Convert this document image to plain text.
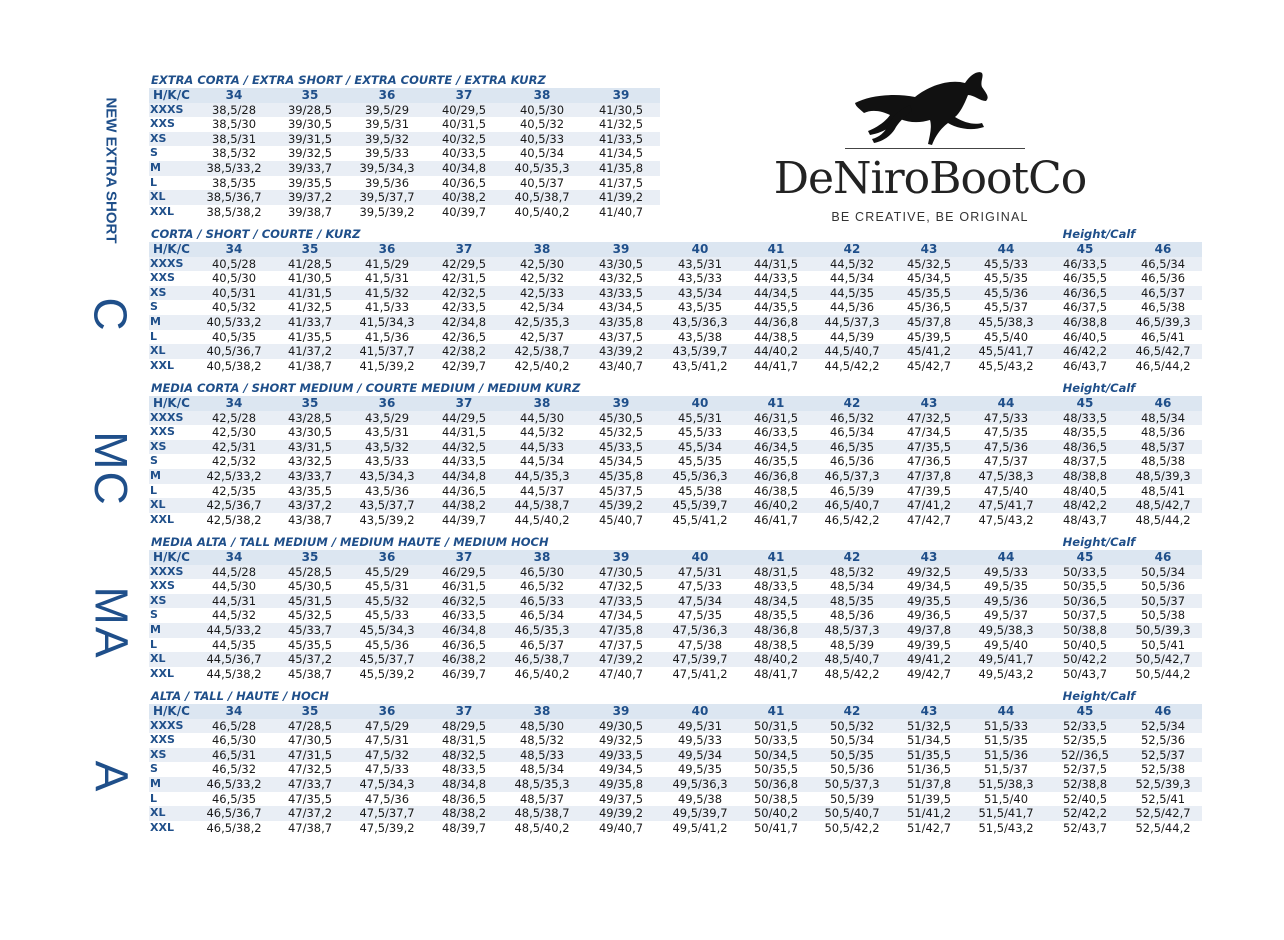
DeNiroBootCo
BE CREATIVE, BE ORIGINAL
NEW EXTRA SHORT
EXTRA CORTA / EXTRA SHORT / EXTRA COURTE / EXTRA KURZ
H/K/C	34	35	36	37	38	39
XXXS	38,5/28	39/28,5	39,5/29	40/29,5	40,5/30	41/30,5
XXS	38,5/30	39/30,5	39,5/31	40/31,5	40,5/32	41/32,5
XS	38,5/31	39/31,5	39,5/32	40/32,5	40,5/33	41/33,5
S	38,5/32	39/32,5	39,5/33	40/33,5	40,5/34	41/34,5
M	38,5/33,2	39/33,7	39,5/34,3	40/34,8	40,5/35,3	41/35,8
L	38,5/35	39/35,5	39,5/36	40/36,5	40,5/37	41/37,5
XL	38,5/36,7	39/37,2	39,5/37,7	40/38,2	40,5/38,7	41/39,2
XXL	38,5/38,2	39/38,7	39,5/39,2	40/39,7	40,5/40,2	41/40,7
C
CORTA / SHORT / COURTE / KURZ	Height/Calf
H/K/C	34	35	36	37	38	39	40	41	42	43	44	45	46
XXXS	40,5/28	41/28,5	41,5/29	42/29,5	42,5/30	43/30,5	43,5/31	44/31,5	44,5/32	45/32,5	45,5/33	46/33,5	46,5/34
XXS	40,5/30	41/30,5	41,5/31	42/31,5	42,5/32	43/32,5	43,5/33	44/33,5	44,5/34	45/34,5	45,5/35	46/35,5	46,5/36
XS	40,5/31	41/31,5	41,5/32	42/32,5	42,5/33	43/33,5	43,5/34	44/34,5	44,5/35	45/35,5	45,5/36	46/36,5	46,5/37
S	40,5/32	41/32,5	41,5/33	42/33,5	42,5/34	43/34,5	43,5/35	44/35,5	44,5/36	45/36,5	45,5/37	46/37,5	46,5/38
M	40,5/33,2	41/33,7	41,5/34,3	42/34,8	42,5/35,3	43/35,8	43,5/36,3	44/36,8	44,5/37,3	45/37,8	45,5/38,3	46/38,8	46,5/39,3
L	40,5/35	41/35,5	41,5/36	42/36,5	42,5/37	43/37,5	43,5/38	44/38,5	44,5/39	45/39,5	45,5/40	46/40,5	46,5/41
XL	40,5/36,7	41/37,2	41,5/37,7	42/38,2	42,5/38,7	43/39,2	43,5/39,7	44/40,2	44,5/40,7	45/41,2	45,5/41,7	46/42,2	46,5/42,7
XXL	40,5/38,2	41/38,7	41,5/39,2	42/39,7	42,5/40,2	43/40,7	43,5/41,2	44/41,7	44,5/42,2	45/42,7	45,5/43,2	46/43,7	46,5/44,2
MC
MEDIA CORTA / SHORT MEDIUM / COURTE MEDIUM / MEDIUM KURZ	Height/Calf
H/K/C	34	35	36	37	38	39	40	41	42	43	44	45	46
XXXS	42,5/28	43/28,5	43,5/29	44/29,5	44,5/30	45/30,5	45,5/31	46/31,5	46,5/32	47/32,5	47,5/33	48/33,5	48,5/34
XXS	42,5/30	43/30,5	43,5/31	44/31,5	44,5/32	45/32,5	45,5/33	46/33,5	46,5/34	47/34,5	47,5/35	48/35,5	48,5/36
XS	42,5/31	43/31,5	43,5/32	44/32,5	44,5/33	45/33,5	45,5/34	46/34,5	46,5/35	47/35,5	47,5/36	48/36,5	48,5/37
S	42,5/32	43/32,5	43,5/33	44/33,5	44,5/34	45/34,5	45,5/35	46/35,5	46,5/36	47/36,5	47,5/37	48/37,5	48,5/38
M	42,5/33,2	43/33,7	43,5/34,3	44/34,8	44,5/35,3	45/35,8	45,5/36,3	46/36,8	46,5/37,3	47/37,8	47,5/38,3	48/38,8	48,5/39,3
L	42,5/35	43/35,5	43,5/36	44/36,5	44,5/37	45/37,5	45,5/38	46/38,5	46,5/39	47/39,5	47,5/40	48/40,5	48,5/41
XL	42,5/36,7	43/37,2	43,5/37,7	44/38,2	44,5/38,7	45/39,2	45,5/39,7	46/40,2	46,5/40,7	47/41,2	47,5/41,7	48/42,2	48,5/42,7
XXL	42,5/38,2	43/38,7	43,5/39,2	44/39,7	44,5/40,2	45/40,7	45,5/41,2	46/41,7	46,5/42,2	47/42,7	47,5/43,2	48/43,7	48,5/44,2
MA
MEDIA ALTA / TALL MEDIUM / MEDIUM HAUTE / MEDIUM HOCH	Height/Calf
H/K/C	34	35	36	37	38	39	40	41	42	43	44	45	46
XXXS	44,5/28	45/28,5	45,5/29	46/29,5	46,5/30	47/30,5	47,5/31	48/31,5	48,5/32	49/32,5	49,5/33	50/33,5	50,5/34
XXS	44,5/30	45/30,5	45,5/31	46/31,5	46,5/32	47/32,5	47,5/33	48/33,5	48,5/34	49/34,5	49,5/35	50/35,5	50,5/36
XS	44,5/31	45/31,5	45,5/32	46/32,5	46,5/33	47/33,5	47,5/34	48/34,5	48,5/35	49/35,5	49,5/36	50/36,5	50,5/37
S	44,5/32	45/32,5	45,5/33	46/33,5	46,5/34	47/34,5	47,5/35	48/35,5	48,5/36	49/36,5	49,5/37	50/37,5	50,5/38
M	44,5/33,2	45/33,7	45,5/34,3	46/34,8	46,5/35,3	47/35,8	47,5/36,3	48/36,8	48,5/37,3	49/37,8	49,5/38,3	50/38,8	50,5/39,3
L	44,5/35	45/35,5	45,5/36	46/36,5	46,5/37	47/37,5	47,5/38	48/38,5	48,5/39	49/39,5	49,5/40	50/40,5	50,5/41
XL	44,5/36,7	45/37,2	45,5/37,7	46/38,2	46,5/38,7	47/39,2	47,5/39,7	48/40,2	48,5/40,7	49/41,2	49,5/41,7	50/42,2	50,5/42,7
XXL	44,5/38,2	45/38,7	45,5/39,2	46/39,7	46,5/40,2	47/40,7	47,5/41,2	48/41,7	48,5/42,2	49/42,7	49,5/43,2	50/43,7	50,5/44,2
A
ALTA / TALL / HAUTE / HOCH	Height/Calf
H/K/C	34	35	36	37	38	39	40	41	42	43	44	45	46
XXXS	46,5/28	47/28,5	47,5/29	48/29,5	48,5/30	49/30,5	49,5/31	50/31,5	50,5/32	51/32,5	51,5/33	52/33,5	52,5/34
XXS	46,5/30	47/30,5	47,5/31	48/31,5	48,5/32	49/32,5	49,5/33	50/33,5	50,5/34	51/34,5	51,5/35	52/35,5	52,5/36
XS	46,5/31	47/31,5	47,5/32	48/32,5	48,5/33	49/33,5	49,5/34	50/34,5	50,5/35	51/35,5	51,5/36	52//36,5	52,5/37
S	46,5/32	47/32,5	47,5/33	48/33,5	48,5/34	49/34,5	49,5/35	50/35,5	50,5/36	51/36,5	51,5/37	52/37,5	52,5/38
M	46,5/33,2	47/33,7	47,5/34,3	48/34,8	48,5/35,3	49/35,8	49,5/36,3	50/36,8	50,5/37,3	51/37,8	51,5/38,3	52/38,8	52,5/39,3
L	46,5/35	47/35,5	47,5/36	48/36,5	48,5/37	49/37,5	49,5/38	50/38,5	50,5/39	51/39,5	51,5/40	52/40,5	52,5/41
XL	46,5/36,7	47/37,2	47,5/37,7	48/38,2	48,5/38,7	49/39,2	49,5/39,7	50/40,2	50,5/40,7	51/41,2	51,5/41,7	52/42,2	52,5/42,7
XXL	46,5/38,2	47/38,7	47,5/39,2	48/39,7	48,5/40,2	49/40,7	49,5/41,2	50/41,7	50,5/42,2	51/42,7	51,5/43,2	52/43,7	52,5/44,2
